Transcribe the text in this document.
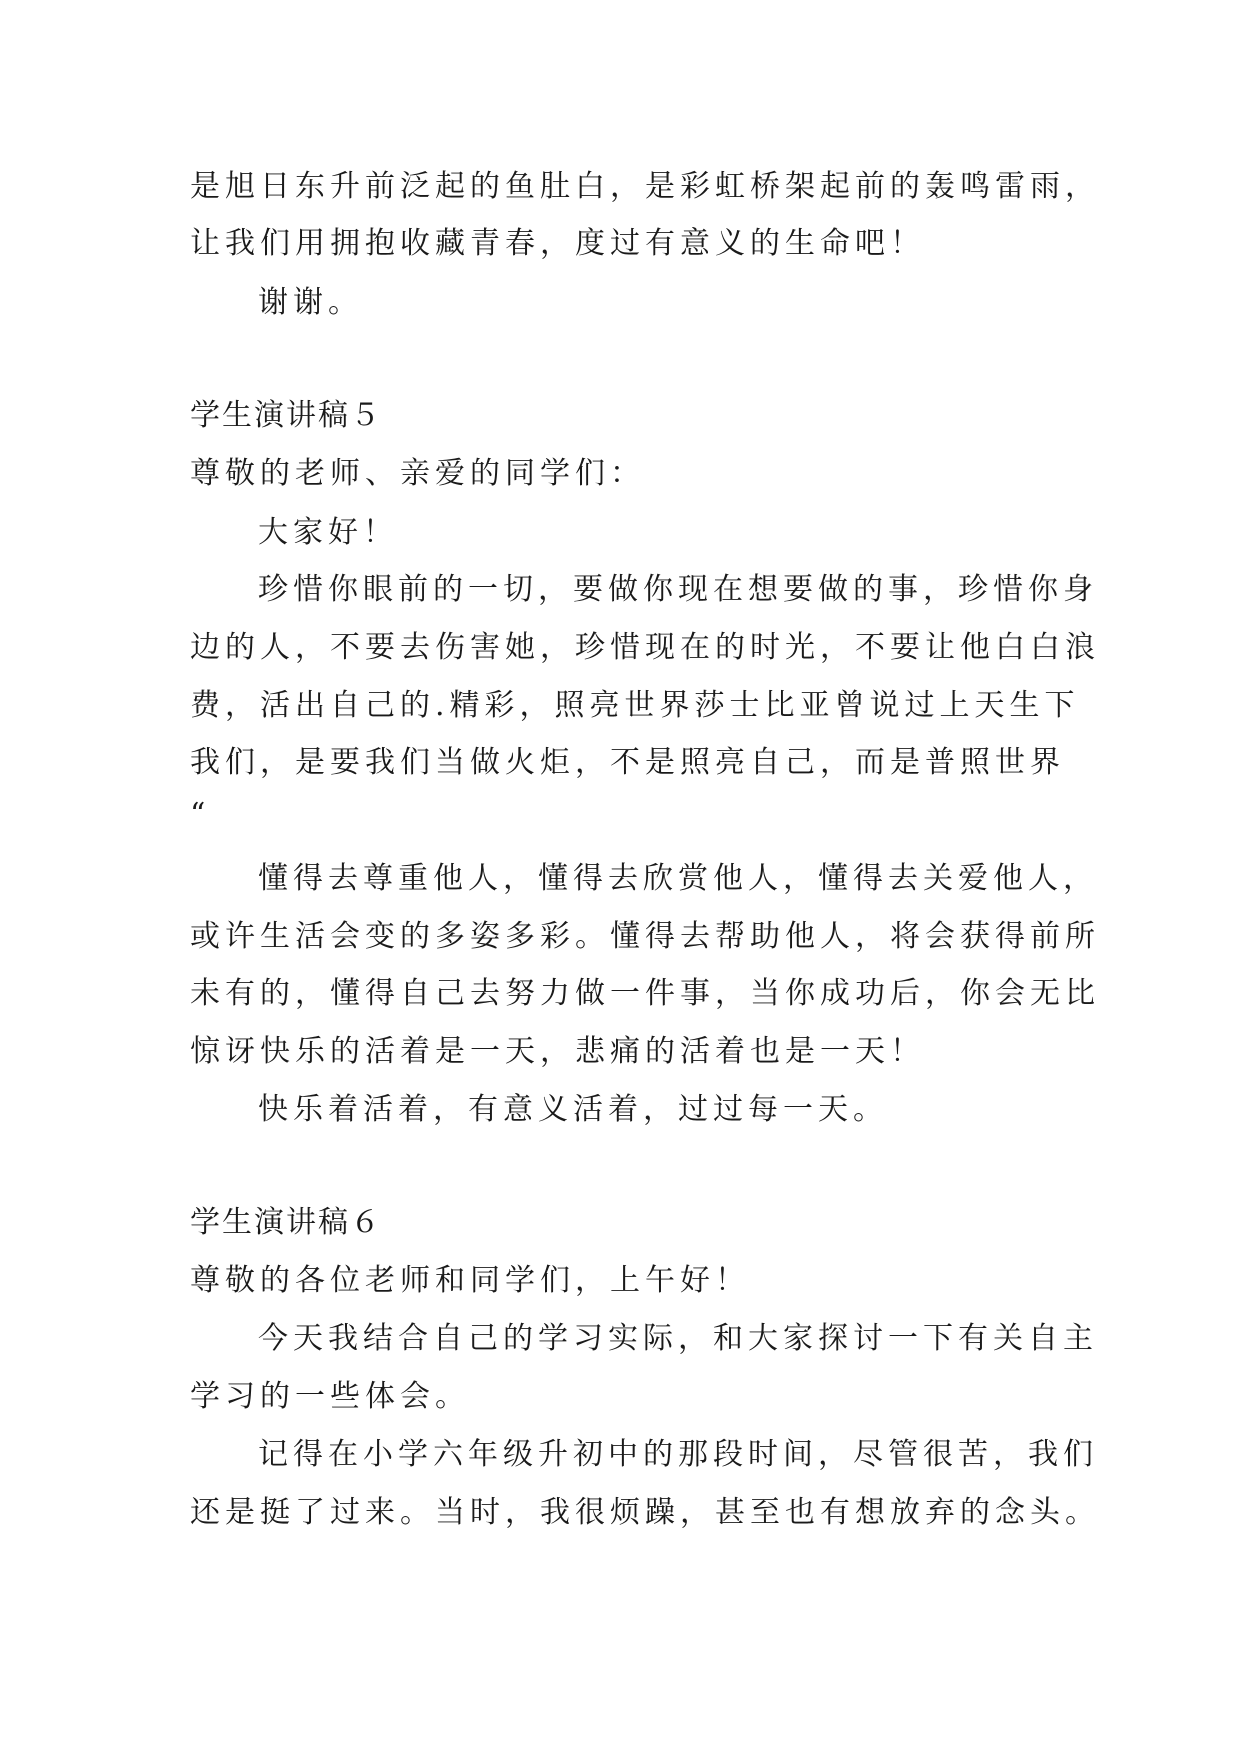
是旭日东升前泛起的鱼肚白，是彩虹桥架起前的轰鸣雷雨，
让我们用拥抱收藏青春，度过有意义的生命吧！
谢谢。
学生演讲稿５
尊敬的老师、亲爱的同学们：
大家好！
珍惜你眼前的一切，要做你现在想要做的事，珍惜你身
边的人，不要去伤害她，珍惜现在的时光，不要让他白白浪
费，活出自己的.精彩，照亮世界莎士比亚曾说过上天生下
我们，是要我们当做火炬，不是照亮自己，而是普照世界
“
懂得去尊重他人，懂得去欣赏他人，懂得去关爱他人，
或许生活会变的多姿多彩。懂得去帮助他人，将会获得前所
未有的，懂得自己去努力做一件事，当你成功后，你会无比
惊讶快乐的活着是一天，悲痛的活着也是一天！
快乐着活着，有意义活着，过过每一天。
学生演讲稿６
尊敬的各位老师和同学们，上午好！
今天我结合自己的学习实际，和大家探讨一下有关自主
学习的一些体会。
记得在小学六年级升初中的那段时间，尽管很苦，我们
还是挺了过来。当时，我很烦躁，甚至也有想放弃的念头。
